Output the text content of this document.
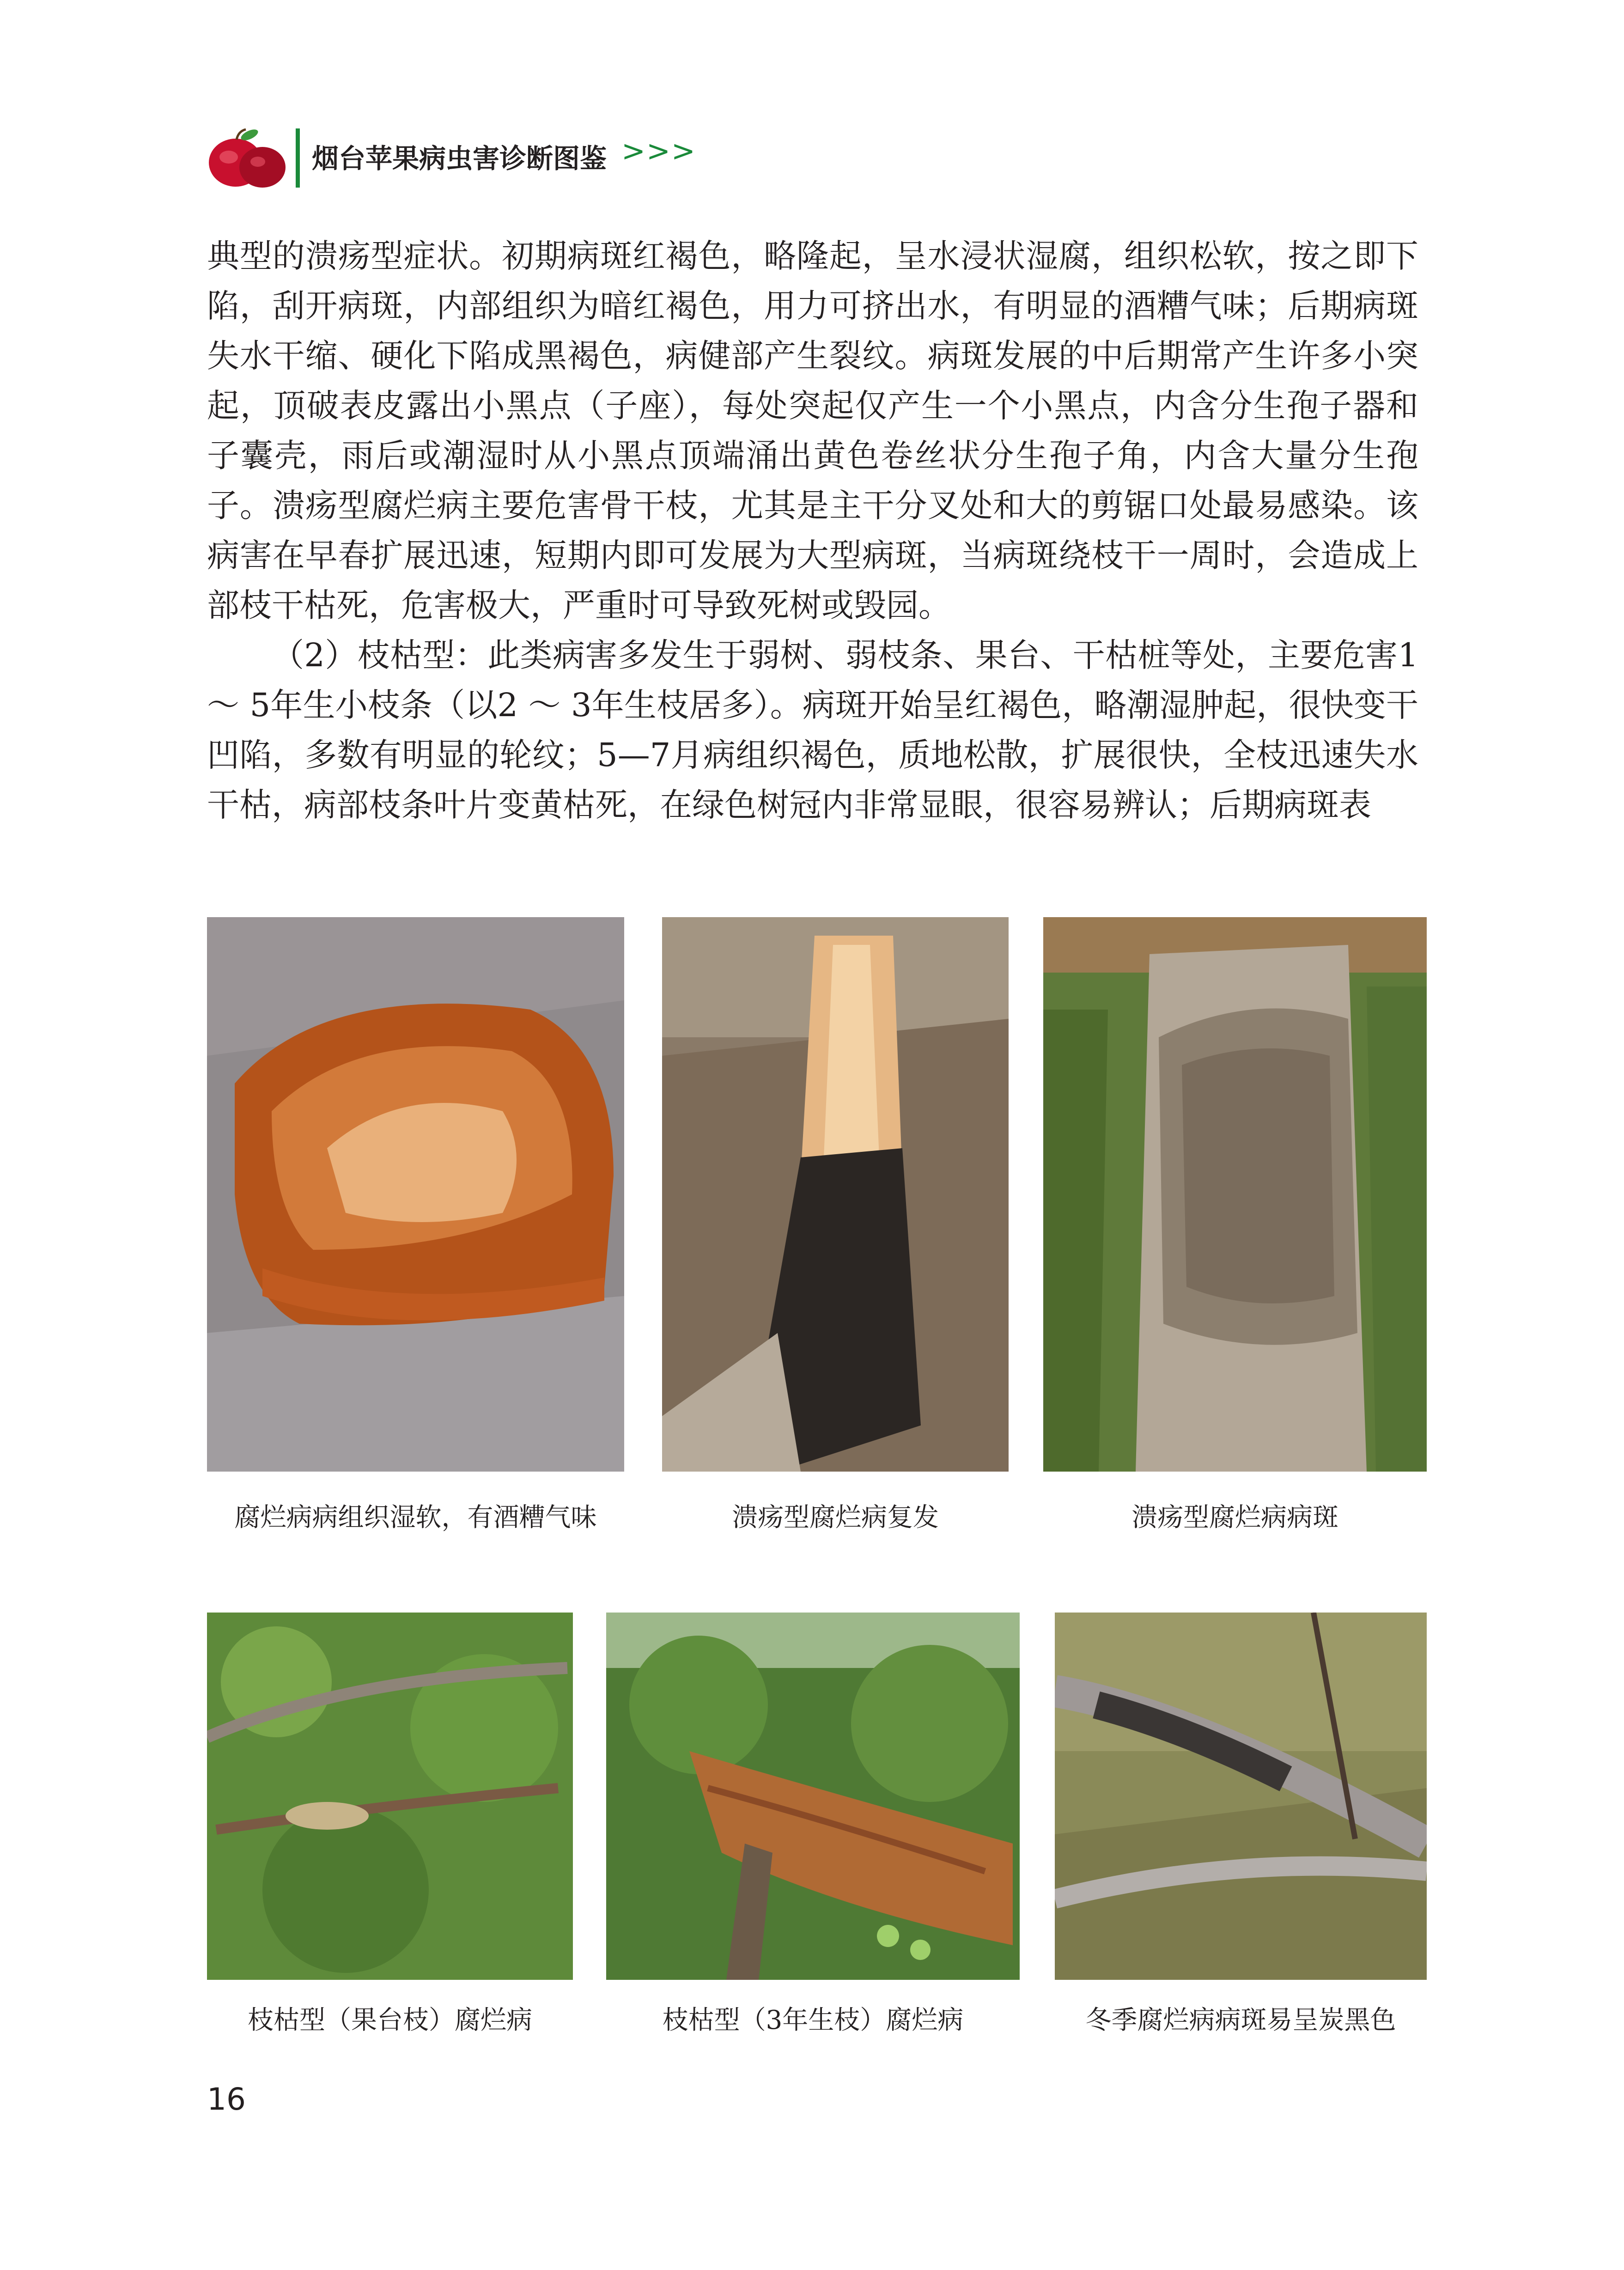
烟台苹果病虫害诊断图鉴 >>>

典型的溃疡型症状。初期病斑红褐色，略隆起，呈水浸状湿腐，组织松软，按之即下陷，刮开病斑，内部组织为暗红褐色，用力可挤出水，有明显的酒糟气味；后期病斑失水干缩、硬化下陷成黑褐色，病健部产生裂纹。病斑发展的中后期常产生许多小突起，顶破表皮露出小黑点（子座），每处突起仅产生一个小黑点，内含分生孢子器和子囊壳，雨后或潮湿时从小黑点顶端涌出黄色卷丝状分生孢子角，内含大量分生孢子。溃疡型腐烂病主要危害骨干枝，尤其是主干分叉处和大的剪锯口处最易感染。该病害在早春扩展迅速，短期内即可发展为大型病斑，当病斑绕枝干一周时，会造成上部枝干枯死，危害极大，严重时可导致死树或毁园。

（2）枝枯型：此类病害多发生于弱树、弱枝条、果台、干枯桩等处，主要危害1 ～ 5年生小枝条（以2 ～ 3年生枝居多）。病斑开始呈红褐色，略潮湿肿起，很快变干凹陷，多数有明显的轮纹；5—7月病组织褐色，质地松散，扩展很快，全枝迅速失水干枯，病部枝条叶片变黄枯死，在绿色树冠内非常显眼，很容易辨认；后期病斑表

腐烂病病组织湿软，有酒糟气味	溃疡型腐烂病复发	溃疡型腐烂病病斑
枝枯型（果台枝）腐烂病	枝枯型（3年生枝）腐烂病	冬季腐烂病病斑易呈炭黑色
16
